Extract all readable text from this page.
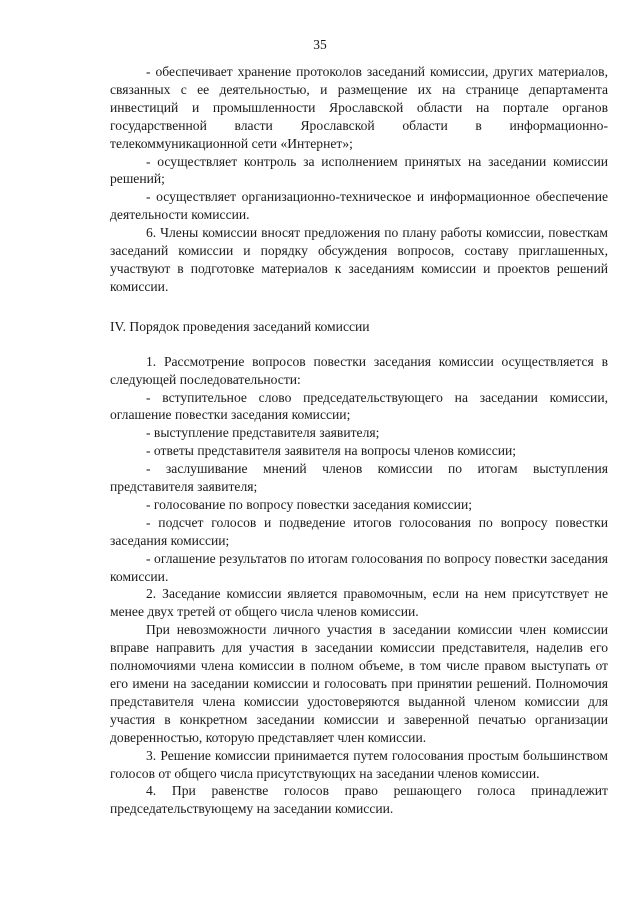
35

- обеспечивает хранение протоколов заседаний комиссии, других материалов, связанных с ее деятельностью, и размещение их на странице департамента инвестиций и промышленности Ярославской области на портале органов государственной власти Ярославской области в информационно-телекоммуникационной сети «Интернет»;

- осуществляет контроль за исполнением принятых на заседании комиссии решений;

- осуществляет организационно-техническое и информационное обеспечение деятельности комиссии.

6. Члены комиссии вносят предложения по плану работы комиссии, повесткам заседаний комиссии и порядку обсуждения вопросов, составу приглашенных, участвуют в подготовке материалов к заседаниям комиссии и проектов решений комиссии.

IV. Порядок проведения заседаний комиссии

1. Рассмотрение вопросов повестки заседания комиссии осуществляется в следующей последовательности:

- вступительное слово председательствующего на заседании комиссии, оглашение повестки заседания комиссии;

- выступление представителя заявителя;

- ответы представителя заявителя на вопросы членов комиссии;

- заслушивание мнений членов комиссии по итогам выступления представителя заявителя;

- голосование по вопросу повестки заседания комиссии;

- подсчет голосов и подведение итогов голосования по вопросу повестки заседания комиссии;

- оглашение результатов по итогам голосования по вопросу повестки заседания комиссии.

2. Заседание комиссии является правомочным, если на нем присутствует не менее двух третей от общего числа членов комиссии.

При невозможности личного участия в заседании комиссии член комиссии вправе направить для участия в заседании комиссии представителя, наделив его полномочиями члена комиссии в полном объеме, в том числе правом выступать от его имени на заседании комиссии и голосовать при принятии решений. Полномочия представителя члена комиссии удостоверяются выданной членом комиссии для участия в конкретном заседании комиссии и заверенной печатью организации доверенностью, которую представляет член комиссии.

3. Решение комиссии принимается путем голосования простым большинством голосов от общего числа присутствующих на заседании членов комиссии.

4. При равенстве голосов право решающего голоса принадлежит председательствующему на заседании комиссии.
